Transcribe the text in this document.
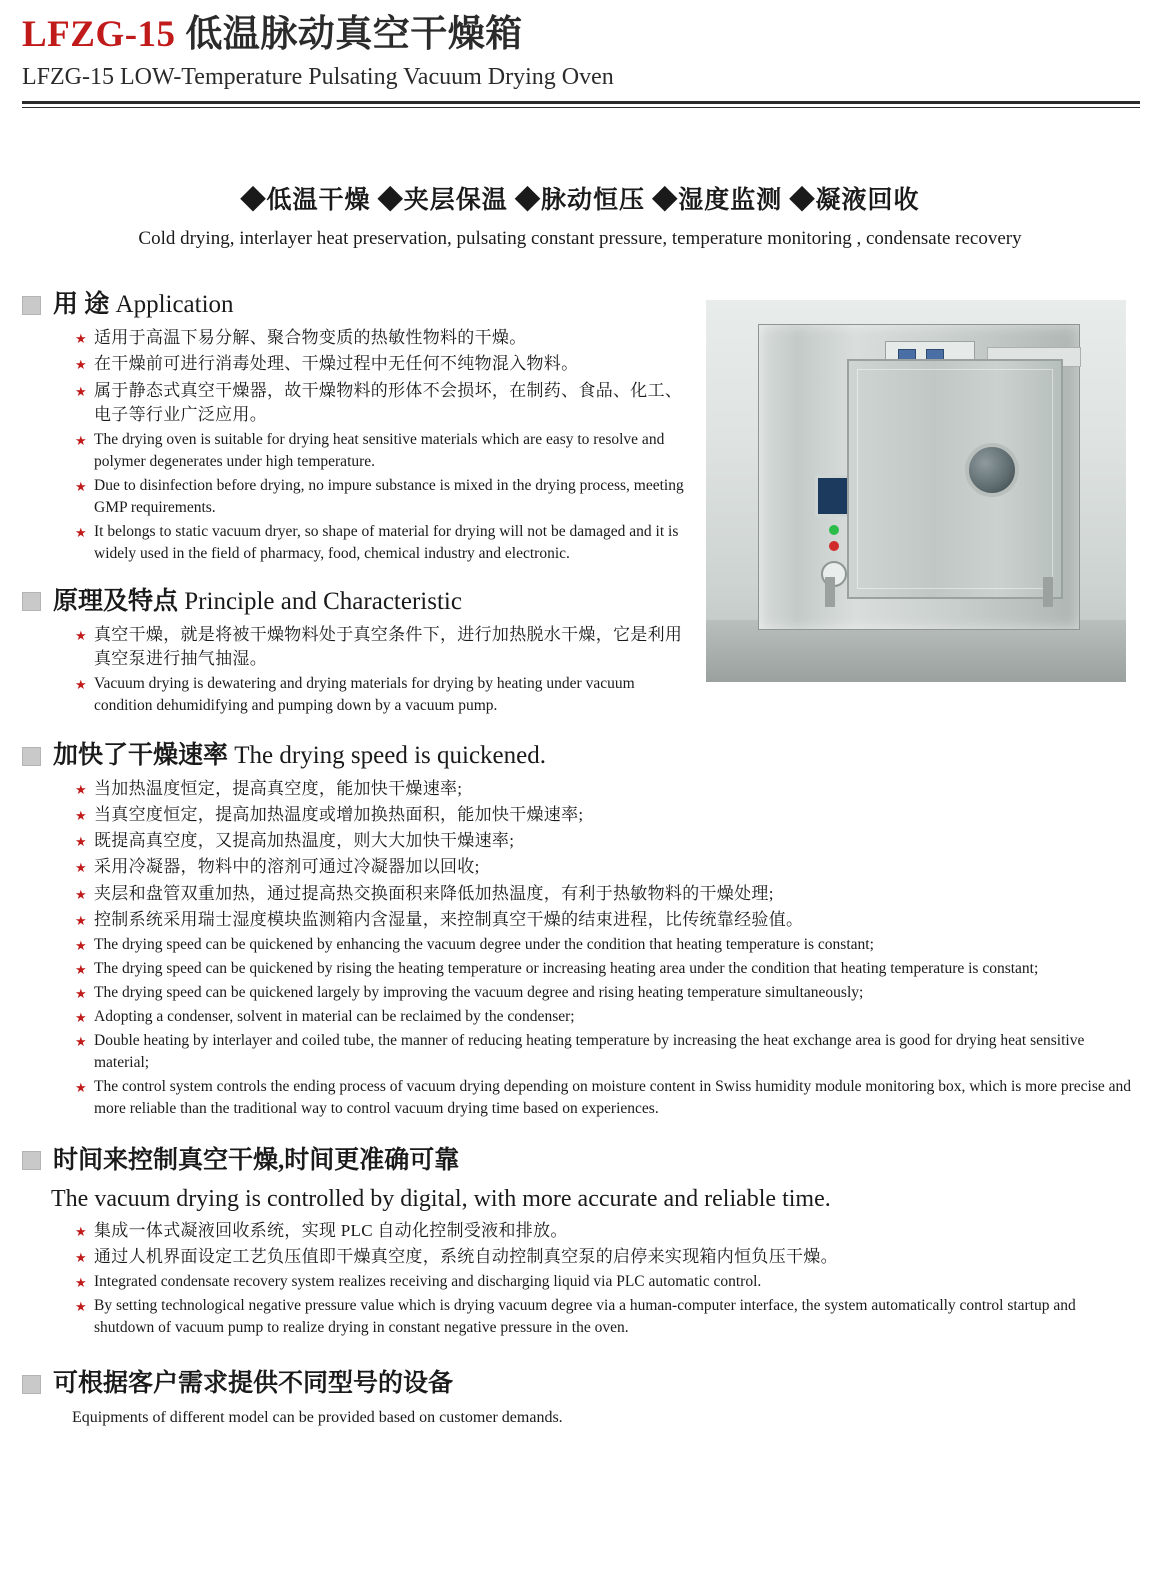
LFZG-15 低温脉动真空干燥箱
LFZG-15 LOW-Temperature Pulsating Vacuum Drying Oven
◆低温干燥 ◆夹层保温 ◆脉动恒压 ◆湿度监测 ◆凝液回收
Cold drying, interlayer heat preservation, pulsating constant pressure, temperature monitoring , condensate recovery
用 途 Application
★ 适用于高温下易分解、聚合物变质的热敏性物料的干燥。
★ 在干燥前可进行消毒处理、干燥过程中无任何不纯物混入物料。
★ 属于静态式真空干燥器，故干燥物料的形体不会损坏，在制药、食品、化工、电子等行业广泛应用。
★ The drying oven is suitable for drying heat sensitive materials which are easy to resolve and polymer degenerates under high temperature.
★ Due to disinfection before drying, no impure substance is mixed in the drying process, meeting GMP requirements.
★ It belongs to static vacuum dryer, so shape of material for drying will not be damaged and it is widely used in the field of pharmacy, food, chemical industry and electronic.
原理及特点 Principle and Characteristic
★ 真空干燥，就是将被干燥物料处于真空条件下，进行加热脱水干燥，它是利用真空泵进行抽气抽湿。
★ Vacuum drying is dewatering and drying materials for drying by heating under vacuum condition dehumidifying and pumping down by a vacuum pump.
加快了干燥速率 The drying speed is quickened.
★ 当加热温度恒定，提高真空度，能加快干燥速率;
★ 当真空度恒定，提高加热温度或增加换热面积，能加快干燥速率;
★ 既提高真空度，又提高加热温度，则大大加快干燥速率;
★ 采用冷凝器，物料中的溶剂可通过冷凝器加以回收;
★ 夹层和盘管双重加热，通过提高热交换面积来降低加热温度，有利于热敏物料的干燥处理;
★ 控制系统采用瑞士湿度模块监测箱内含湿量，来控制真空干燥的结束进程，比传统靠经验值。
★ The drying speed can be quickened by enhancing the vacuum degree under the condition that heating temperature is constant;
★ The drying speed can be quickened by rising the heating temperature or increasing heating area under the condition that heating temperature is constant;
★ The drying speed can be quickened largely by improving the vacuum degree and rising heating temperature simultaneously;
★ Adopting a condenser, solvent in material can be reclaimed by the condenser;
★ Double heating by interlayer and coiled tube, the manner of reducing heating temperature by increasing the heat exchange area is good for drying heat sensitive material;
★ The control system controls the ending process of vacuum drying depending on moisture content in Swiss humidity module monitoring box, which is more precise and more reliable than the traditional way to control vacuum drying time based on experiences.
时间来控制真空干燥,时间更准确可靠
The vacuum drying is controlled by digital, with more accurate and reliable time.
★ 集成一体式凝液回收系统，实现 PLC 自动化控制受液和排放。
★ 通过人机界面设定工艺负压值即干燥真空度，系统自动控制真空泵的启停来实现箱内恒负压干燥。
★ Integrated condensate recovery system realizes receiving and discharging liquid via PLC automatic control.
★ By setting technological negative pressure value which is drying vacuum degree via a human-computer interface, the system automatically control startup and shutdown of vacuum pump to realize drying in constant negative pressure in the oven.
可根据客户需求提供不同型号的设备
Equipments of different model can be provided based on customer demands.
